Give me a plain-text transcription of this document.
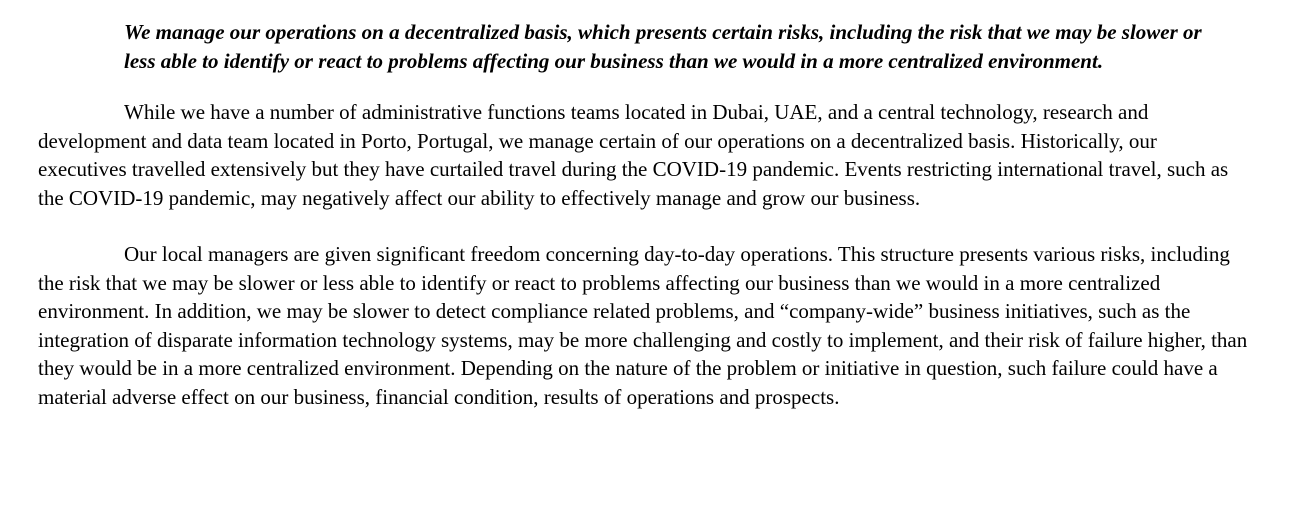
We manage our operations on a decentralized basis, which presents certain risks, including the risk that we may be slower or less able to identify or react to problems affecting our business than we would in a more centralized environment.

While we have a number of administrative functions teams located in Dubai, UAE, and a central technology, research and development and data team located in Porto, Portugal, we manage certain of our operations on a decentralized basis. Historically, our executives travelled extensively but they have curtailed travel during the COVID-19 pandemic. Events restricting international travel, such as the COVID-19 pandemic, may negatively affect our ability to effectively manage and grow our business.

Our local managers are given significant freedom concerning day-to-day operations. This structure presents various risks, including the risk that we may be slower or less able to identify or react to problems affecting our business than we would in a more centralized environment. In addition, we may be slower to detect compliance related problems, and “company-wide” business initiatives, such as the integration of disparate information technology systems, may be more challenging and costly to implement, and their risk of failure higher, than they would be in a more centralized environment. Depending on the nature of the problem or initiative in question, such failure could have a material adverse effect on our business, financial condition, results of operations and prospects.
